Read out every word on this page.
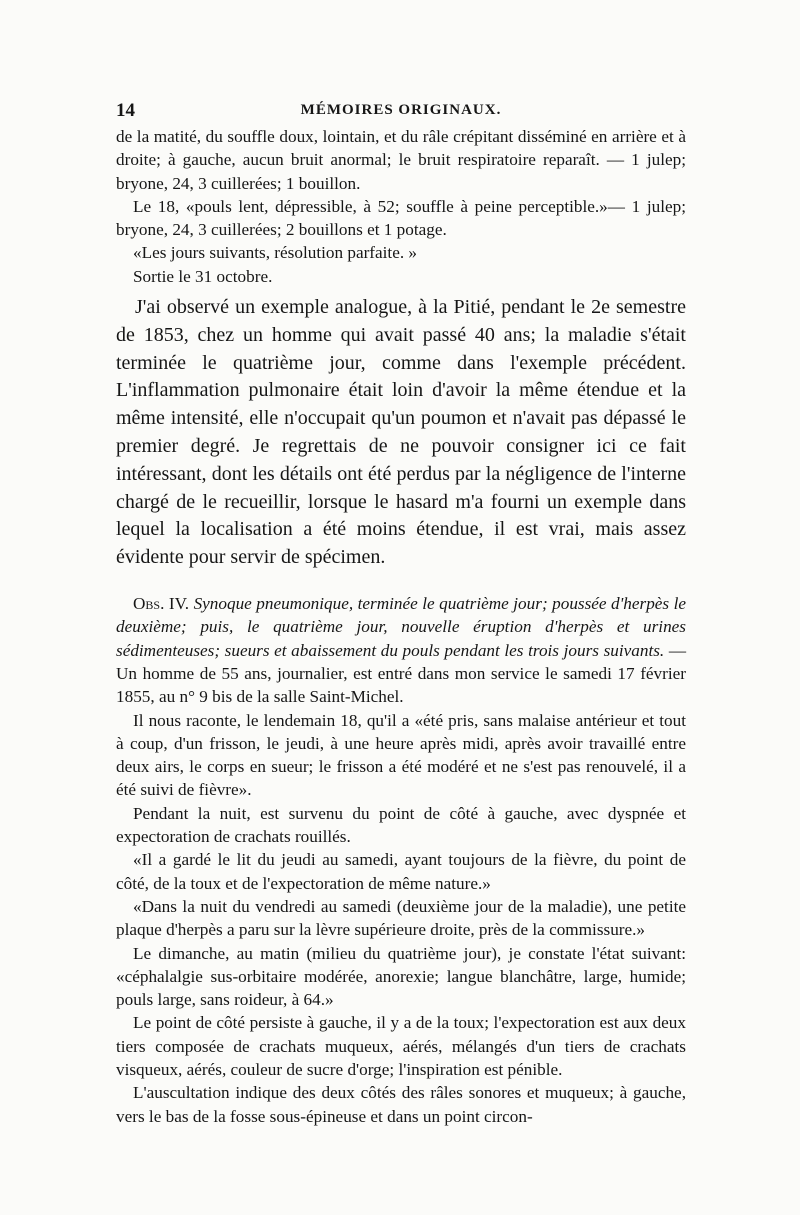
14	MÉMOIRES ORIGINAUX.

de la matité, du souffle doux, lointain, et du râle crépitant disséminé en arrière et à droite; à gauche, aucun bruit anormal; le bruit respiratoire reparaît. — 1 julep; bryone, 24, 3 cuillerées; 1 bouillon.

Le 18, «pouls lent, dépressible, à 52; souffle à peine perceptible.»— 1 julep; bryone, 24, 3 cuillerées; 2 bouillons et 1 potage.

«Les jours suivants, résolution parfaite. »

Sortie le 31 octobre.

J'ai observé un exemple analogue, à la Pitié, pendant le 2e semestre de 1853, chez un homme qui avait passé 40 ans; la maladie s'était terminée le quatrième jour, comme dans l'exemple précédent. L'inflammation pulmonaire était loin d'avoir la même étendue et la même intensité, elle n'occupait qu'un poumon et n'avait pas dépassé le premier degré. Je regrettais de ne pouvoir consigner ici ce fait intéressant, dont les détails ont été perdus par la négligence de l'interne chargé de le recueillir, lorsque le hasard m'a fourni un exemple dans lequel la localisation a été moins étendue, il est vrai, mais assez évidente pour servir de spécimen.

Obs. IV. Synoque pneumonique, terminée le quatrième jour; poussée d'herpès le deuxième; puis, le quatrième jour, nouvelle éruption d'herpès et urines sédimenteuses; sueurs et abaissement du pouls pendant les trois jours suivants. — Un homme de 55 ans, journalier, est entré dans mon service le samedi 17 février 1855, au n° 9 bis de la salle Saint-Michel.

Il nous raconte, le lendemain 18, qu'il a «été pris, sans malaise antérieur et tout à coup, d'un frisson, le jeudi, à une heure après midi, après avoir travaillé entre deux airs, le corps en sueur; le frisson a été modéré et ne s'est pas renouvelé, il a été suivi de fièvre».

Pendant la nuit, est survenu du point de côté à gauche, avec dyspnée et expectoration de crachats rouillés.

«Il a gardé le lit du jeudi au samedi, ayant toujours de la fièvre, du point de côté, de la toux et de l'expectoration de même nature.»

«Dans la nuit du vendredi au samedi (deuxième jour de la maladie), une petite plaque d'herpès a paru sur la lèvre supérieure droite, près de la commissure.»

Le dimanche, au matin (milieu du quatrième jour), je constate l'état suivant: «céphalalgie sus-orbitaire modérée, anorexie; langue blanchâtre, large, humide; pouls large, sans roideur, à 64.»

Le point de côté persiste à gauche, il y a de la toux; l'expectoration est aux deux tiers composée de crachats muqueux, aérés, mélangés d'un tiers de crachats visqueux, aérés, couleur de sucre d'orge; l'inspiration est pénible.

L'auscultation indique des deux côtés des râles sonores et muqueux; à gauche, vers le bas de la fosse sous-épineuse et dans un point circon-
